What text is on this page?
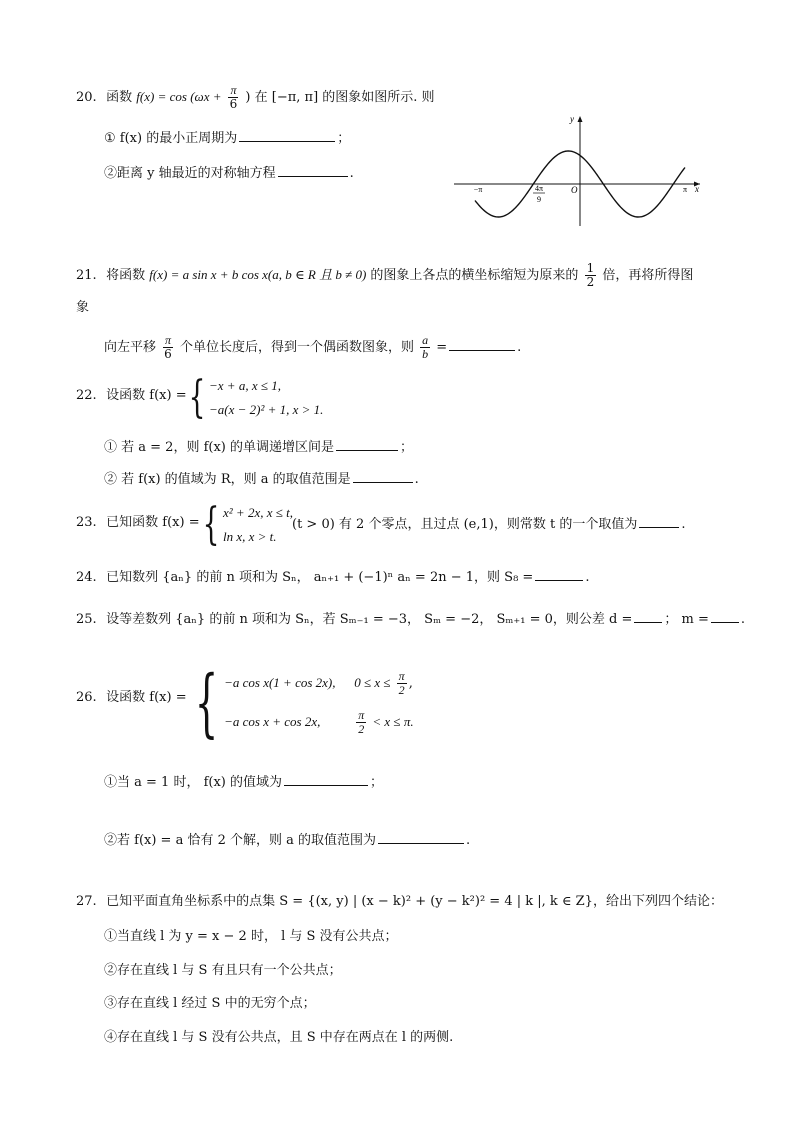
20. 函数 $f(x) = \cos (\omega x + \frac{\pi}{6}$ ) 在 [−π, π] 的图象如图所示. 则
① f(x) 的最小正周期为	；
②距离 y 轴最近的对称轴方程	.
y
x
O
−π	π
4π
9
21. 将函数 f(x) = a sin x + b cos x(a, b ∈ R 且 b ≠ 0) 的图象上各点的横坐标缩短为原来的 $\frac{1}{2}$ 倍，再将所得图
象
向左平移 $\frac{\pi}{6}$ 个单位长度后，得到一个偶函数图象，则 $\frac{a}{b}$ =	.
22. 设函数 f(x) = { −x + a, x ≤ 1,
−a(x − 2)² + 1, x > 1.
① 若 a = 2，则 f(x) 的单调递增区间是	；
② 若 f(x) 的值域为 R，则 a 的取值范围是	.
23. 已知函数 f(x) = { x² + 2x, x ≤ t,
ln x, x > t.
(t > 0) 有 2 个零点，且过点 (e,1)，则常数 t 的一个取值为	.
24. 已知数列 {aₙ} 的前 n 项和为 Sₙ， aₙ₊₁ + (−1)ⁿ aₙ = 2n − 1，则 S₈ =	.
25. 设等差数列 {aₙ} 的前 n 项和为 Sₙ，若 Sₘ₋₁ = −3， Sₘ = −2， Sₘ₊₁ = 0，则公差 d = ； m = .
26. 设函数 f(x) = { −a cos x(1 + cos 2x), $0 \le x \le \frac{\pi}{2}$ ,
−a cos x + cos 2x,	$\frac{\pi}{2} < x \le \pi$.
①当 a = 1 时， f(x) 的值域为	；
②若 f(x) = a 恰有 2 个解，则 a 的取值范围为	.
27. 已知平面直角坐标系中的点集 S = {(x, y) | (x − k)² + (y − k²)² = 4 | k |, k ∈ Z}，给出下列四个结论：
①当直线 l 为 y = x − 2 时， l 与 S 没有公共点；
②存在直线 l 与 S 有且只有一个公共点；
③存在直线 l 经过 S 中的无穷个点；
④存在直线 l 与 S 没有公共点，且 S 中存在两点在 l 的两侧.
